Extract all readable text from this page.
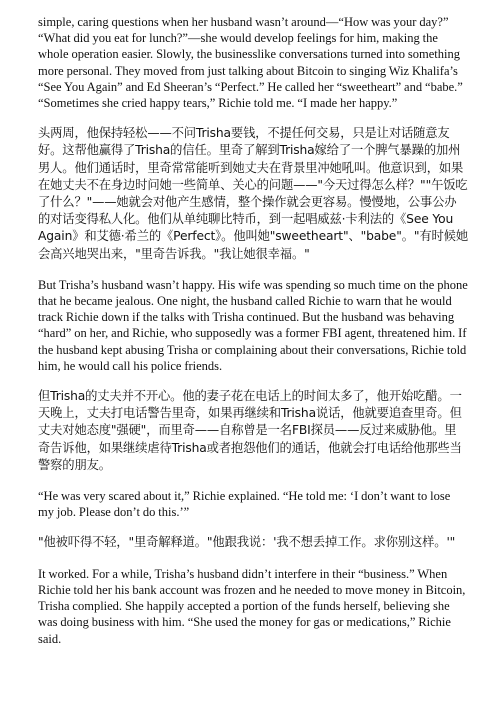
simple, caring questions when her husband wasn’t around—“How was your day?” “What did you eat for lunch?”—she would develop feelings for him, making the whole operation easier. Slowly, the businesslike conversations turned into something more personal. They moved from just talking about Bitcoin to singing Wiz Khalifa’s “See You Again” and Ed Sheeran’s “Perfect.” He called her “sweetheart” and “babe.” “Sometimes she cried happy tears,” Richie told me. “I made her happy.”

头两周，他保持轻松——不问Trisha要钱，不提任何交易，只是让对话随意友好。这帮他赢得了Trisha的信任。里奇了解到Trisha嫁给了一个脾气暴躁的加州男人。他们通话时，里奇常常能听到她丈夫在背景里冲她吼叫。他意识到，如果在她丈夫不在身边时问她一些简单、关心的问题——"今天过得怎么样？""午饭吃了什么？"——她就会对他产生感情，整个操作就会更容易。慢慢地，公事公办的对话变得私人化。他们从单纯聊比特币，到一起唱威兹·卡利法的《See You Again》和艾德·希兰的《Perfect》。他叫她"sweetheart"、"babe"。"有时候她会高兴地哭出来，"里奇告诉我。"我让她很幸福。"

But Trisha’s husband wasn’t happy. His wife was spending so much time on the phone that he became jealous. One night, the husband called Richie to warn that he would track Richie down if the talks with Trisha continued. But the husband was behaving “hard” on her, and Richie, who supposedly was a former FBI agent, threatened him. If the husband kept abusing Trisha or complaining about their conversations, Richie told him, he would call his police friends.

但Trisha的丈夫并不开心。他的妻子花在电话上的时间太多了，他开始吃醋。一天晚上，丈夫打电话警告里奇，如果再继续和Trisha说话，他就要追查里奇。但丈夫对她态度"强硬"，而里奇——自称曾是一名FBI探员——反过来威胁他。里奇告诉他，如果继续虐待Trisha或者抱怨他们的通话，他就会打电话给他那些当警察的朋友。

“He was very scared about it,” Richie explained. “He told me: ‘I don’t want to lose my job. Please don’t do this.’”

"他被吓得不轻，"里奇解释道。"他跟我说：'我不想丢掉工作。求你别这样。'"

It worked. For a while, Trisha’s husband didn’t interfere in their “business.” When Richie told her his bank account was frozen and he needed to move money in Bitcoin, Trisha complied. She happily accepted a portion of the funds herself, believing she was doing business with him. “She used the money for gas or medications,” Richie said.
